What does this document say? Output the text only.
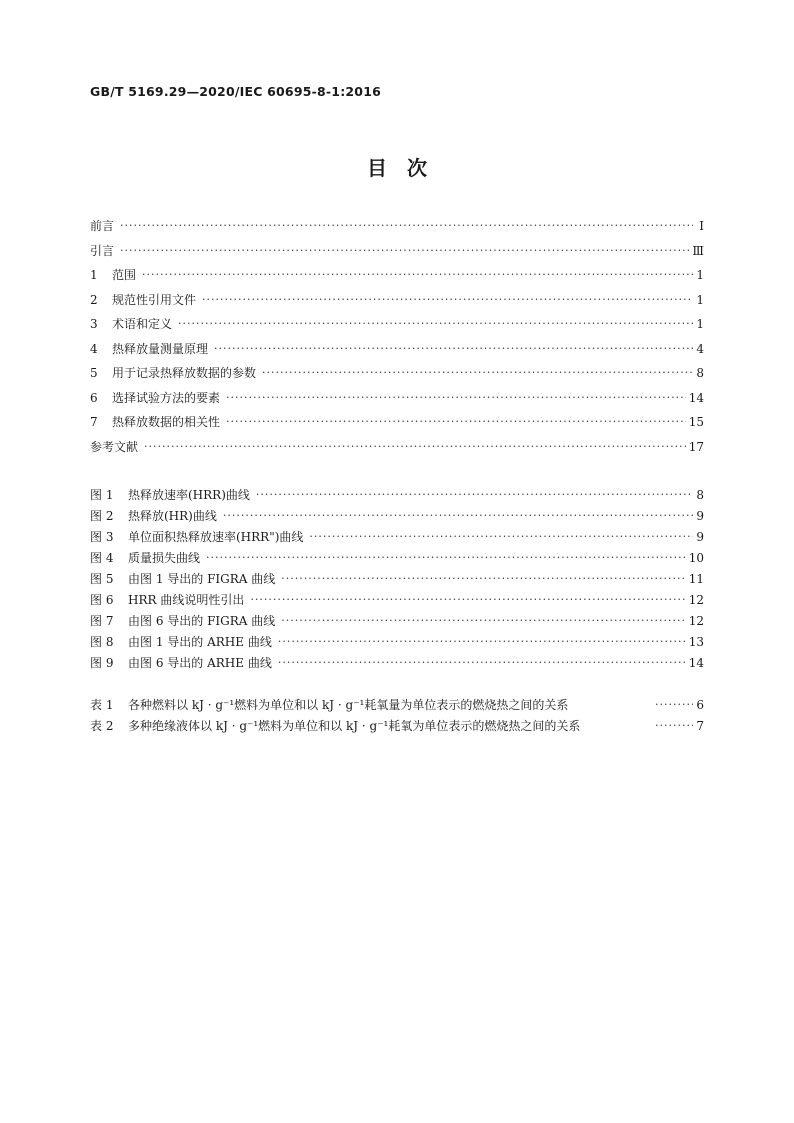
GB/T 5169.29—2020/IEC 60695-8-1:2016
目　次
前言 ·····	Ⅰ
引言 ·····	Ⅲ
1	范围 ·····	1
2	规范性引用文件 ·····	1
3	术语和定义 ·····	1
4	热释放量测量原理 ·····	4
5	用于记录热释放数据的参数 ·····	8
6	选择试验方法的要素 ·····	14
7	热释放数据的相关性 ·····	15
参考文献 ·····	17
图 1	热释放速率(HRR)曲线 ·····	8
图 2	热释放(HR)曲线 ·····	9
图 3	单位面积热释放速率(HRR")曲线 ·····	9
图 4	质量损失曲线 ·····	10
图 5	由图 1 导出的 FIGRA 曲线 ·····	11
图 6	HRR 曲线说明性引出 ·····	12
图 7	由图 6 导出的 FIGRA 曲线 ·····	12
图 8	由图 1 导出的 ARHE 曲线 ·····	13
图 9	由图 6 导出的 ARHE 曲线 ·····	14
表 1	各种燃料以 kJ · g⁻¹燃料为单位和以 kJ · g⁻¹耗氧量为单位表示的燃烧热之间的关系 ·····	6
表 2	多种绝缘液体以 kJ · g⁻¹燃料为单位和以 kJ · g⁻¹耗氧为单位表示的燃烧热之间的关系 ·····	7
